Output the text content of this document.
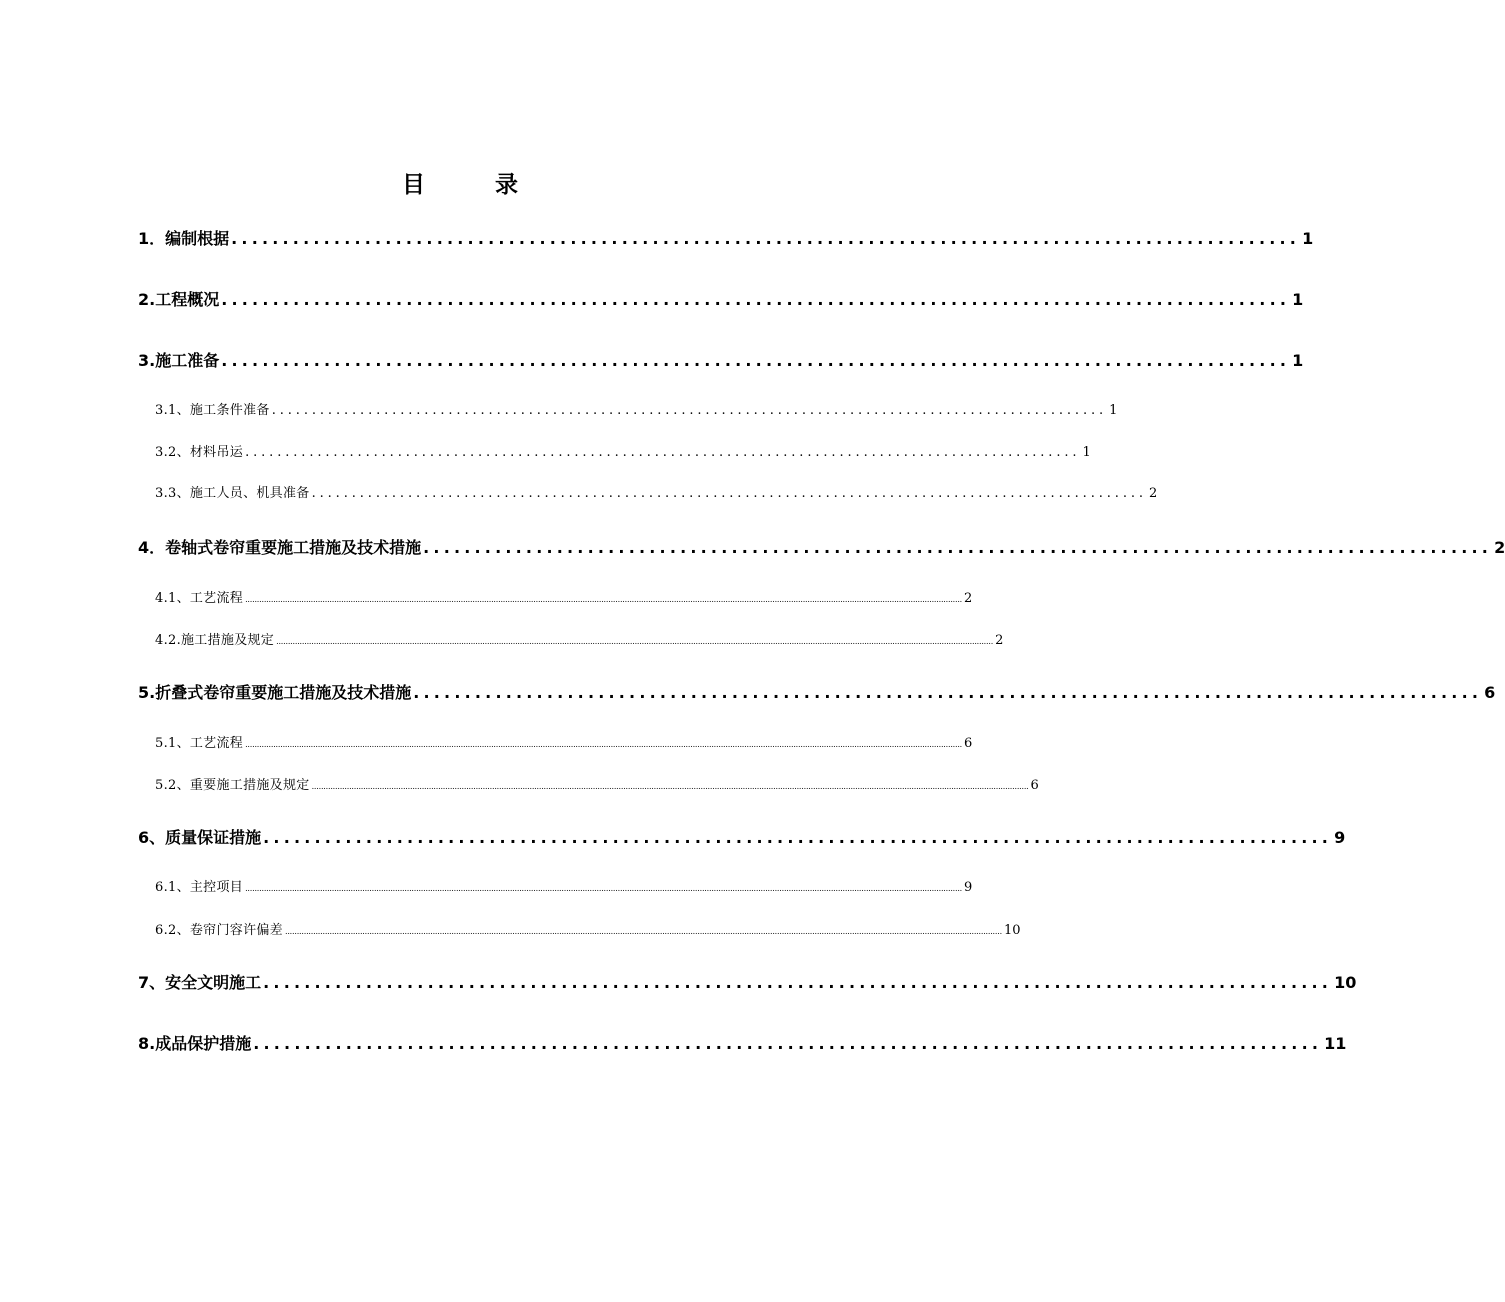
目	录
1．编制根据 ........................................................................................................ 1
2.工程概况 ........................................................................................................ 1
3.施工准备 ........................................................................................................ 1
3.1、施工条件准备 ........................................................................................................ 1
3.2、材料吊运 ........................................................................................................ 1
3.3、施工人员、机具准备 ........................................................................................................ 2
4．卷轴式卷帘重要施工措施及技术措施 ........................................................................................................ 2
4.1、工艺流程 .................................................................................................................................................................................................................................................................................................................. 2
4.2.施工措施及规定 .................................................................................................................................................................................................................................................................................................................. 2
5.折叠式卷帘重要施工措施及技术措施 ........................................................................................................ 6
5.1、工艺流程 .................................................................................................................................................................................................................................................................................................................. 6
5.2、重要施工措施及规定 .................................................................................................................................................................................................................................................................................................................. 6
6、质量保证措施 ........................................................................................................ 9
6.1、主控项目 .................................................................................................................................................................................................................................................................................................................. 9
6.2、卷帘门容许偏差 .................................................................................................................................................................................................................................................................................................................. 10
7、安全文明施工 ........................................................................................................ 10
8.成品保护措施 ........................................................................................................ 11
